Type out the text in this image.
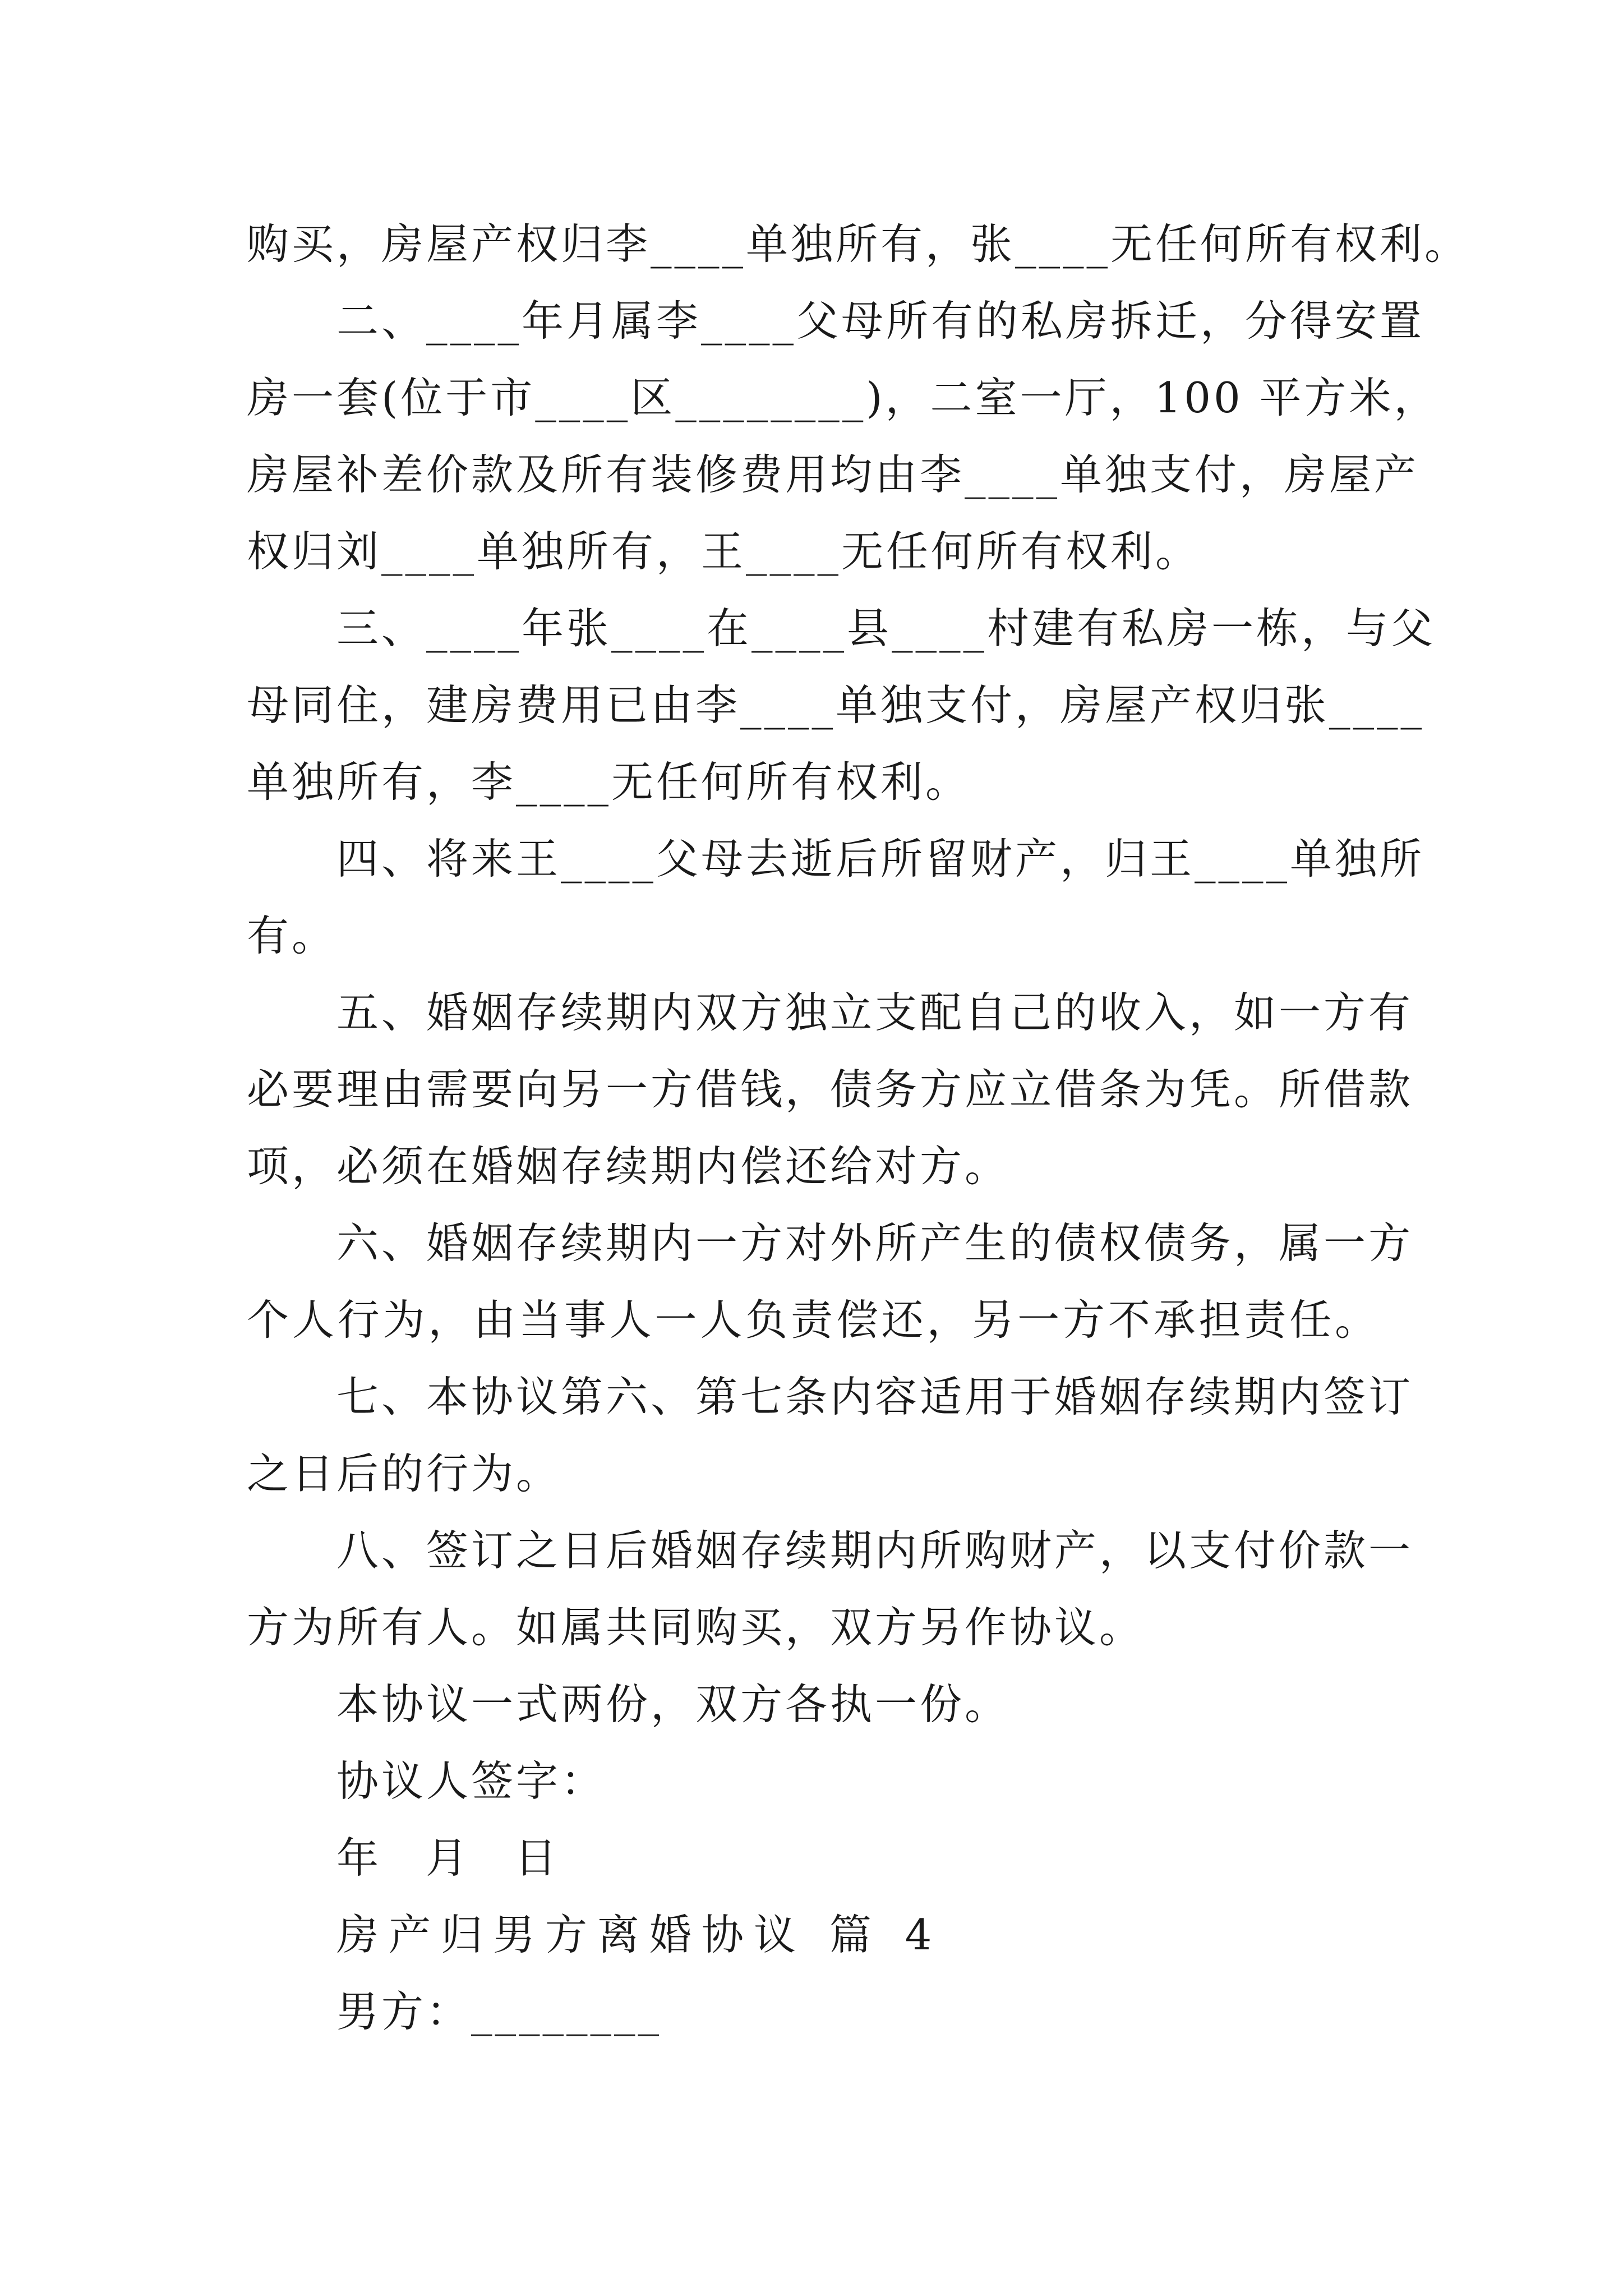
购买，房屋产权归李____单独所有，张____无任何所有权利。
二、____年月属李____父母所有的私房拆迁，分得安置
房一套(位于市____区________)，二室一厅，100 平方米，
房屋补差价款及所有装修费用均由李____单独支付，房屋产
权归刘____单独所有，王____无任何所有权利。
三、____年张____在____县____村建有私房一栋，与父
母同住，建房费用已由李____单独支付，房屋产权归张____
单独所有，李____无任何所有权利。
四、将来王____父母去逝后所留财产，归王____单独所
有。
五、婚姻存续期内双方独立支配自己的收入，如一方有
必要理由需要向另一方借钱，债务方应立借条为凭。所借款
项，必须在婚姻存续期内偿还给对方。
六、婚姻存续期内一方对外所产生的债权债务，属一方
个人行为，由当事人一人负责偿还，另一方不承担责任。
七、本协议第六、第七条内容适用于婚姻存续期内签订
之日后的行为。
八、签订之日后婚姻存续期内所购财产，以支付价款一
方为所有人。如属共同购买，双方另作协议。
本协议一式两份，双方各执一份。
协议人签字：
年 月 日
房产归男方离婚协议 篇 4
男方：________
